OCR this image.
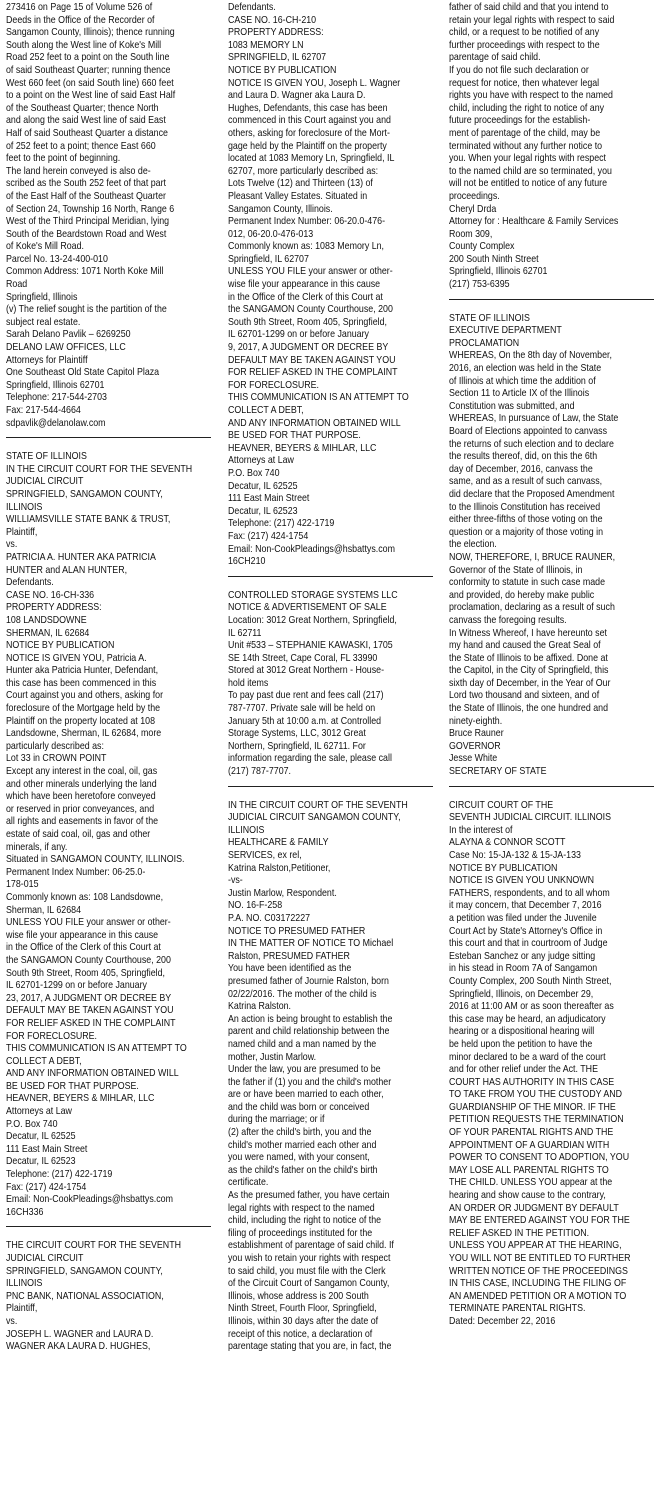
273416 on Page 15 of Volume 526 of
Deeds in the Office of the Recorder of
Sangamon County, Illinois); thence running
South along the West line of Koke's Mill
Road 252 feet to a point on the South line
of said Southeast Quarter; running thence
West 660 feet (on said South line) 660 feet
to a point on the West line of said East Half
of the Southeast Quarter; thence North
and along the said West line of said East
Half of said Southeast Quarter a distance
of 252 feet to a point; thence East 660
feet to the point of beginning.
The land herein conveyed is also de-
scribed as the South 252 feet of that part
of the East Half of the Southeast Quarter
of Section 24, Township 16 North, Range 6
West of the Third Principal Meridian, lying
South of the Beardstown Road and West
of Koke's Mill Road.
Parcel No. 13-24-400-010
Common Address: 1071 North Koke Mill
Road
Springfield, Illinois
(v) The relief sought is the partition of the
subject real estate.
Sarah Delano Pavlik – 6269250
DELANO LAW OFFICES, LLC
Attorneys for Plaintiff
One Southeast Old State Capitol Plaza
Springfield, Illinois 62701
Telephone: 217-544-2703
Fax: 217-544-4664
sdpavlik@delanolaw.com
STATE OF ILLINOIS
IN THE CIRCUIT COURT FOR THE SEVENTH
JUDICIAL CIRCUIT
SPRINGFIELD, SANGAMON COUNTY,
ILLINOIS
WILLIAMSVILLE STATE BANK & TRUST,
Plaintiff,
vs.
PATRICIA A. HUNTER AKA PATRICIA
HUNTER and ALAN HUNTER,
Defendants.
CASE NO. 16-CH-336
PROPERTY ADDRESS:
108 LANDSDOWNE
SHERMAN, IL 62684
NOTICE BY PUBLICATION
NOTICE IS GIVEN YOU, Patricia A.
Hunter aka Patricia Hunter, Defendant,
this case has been commenced in this
Court against you and others, asking for
foreclosure of the Mortgage held by the
Plaintiff on the property located at 108
Landsdowne, Sherman, IL 62684, more
particularly described as:
Lot 33 in CROWN POINT
Except any interest in the coal, oil, gas
and other minerals underlying the land
which have been heretofore conveyed
or reserved in prior conveyances, and
all rights and easements in favor of the
estate of said coal, oil, gas and other
minerals, if any.
Situated in SANGAMON COUNTY, ILLINOIS.
Permanent Index Number: 06-25.0-
178-015
Commonly known as: 108 Landsdowne,
Sherman, IL 62684
UNLESS YOU FILE your answer or other-
wise file your appearance in this cause
in the Office of the Clerk of this Court at
the SANGAMON County Courthouse, 200
South 9th Street, Room 405, Springfield,
IL 62701-1299 on or before January
23, 2017, A JUDGMENT OR DECREE BY
DEFAULT MAY BE TAKEN AGAINST YOU
FOR RELIEF ASKED IN THE COMPLAINT
FOR FORECLOSURE.
THIS COMMUNICATION IS AN ATTEMPT TO
COLLECT A DEBT,
AND ANY INFORMATION OBTAINED WILL
BE USED FOR THAT PURPOSE.
HEAVNER, BEYERS & MIHLAR, LLC
Attorneys at Law
P.O. Box 740
Decatur, IL 62525
111 East Main Street
Decatur, IL 62523
Telephone: (217) 422-1719
Fax: (217) 424-1754
Email: Non-CookPleadings@hsbattys.com
16CH336
THE CIRCUIT COURT FOR THE SEVENTH
JUDICIAL CIRCUIT
SPRINGFIELD, SANGAMON COUNTY,
ILLINOIS
PNC BANK, NATIONAL ASSOCIATION,
Plaintiff,
vs.
JOSEPH L. WAGNER and LAURA D.
WAGNER AKA LAURA D. HUGHES,
Defendants.
CASE NO. 16-CH-210
PROPERTY ADDRESS:
1083 MEMORY LN
SPRINGFIELD, IL 62707
NOTICE BY PUBLICATION
NOTICE IS GIVEN YOU, Joseph L. Wagner
and Laura D. Wagner aka Laura D.
Hughes, Defendants, this case has been
commenced in this Court against you and
others, asking for foreclosure of the Mort-
gage held by the Plaintiff on the property
located at 1083 Memory Ln, Springfield, IL
62707, more particularly described as:
Lots Twelve (12) and Thirteen (13) of
Pleasant Valley Estates. Situated in
Sangamon County, Illinois.
Permanent Index Number: 06-20.0-476-
012, 06-20.0-476-013
Commonly known as: 1083 Memory Ln,
Springfield, IL 62707
UNLESS YOU FILE your answer or other-
wise file your appearance in this cause
in the Office of the Clerk of this Court at
the SANGAMON County Courthouse, 200
South 9th Street, Room 405, Springfield,
IL 62701-1299 on or before January
9, 2017, A JUDGMENT OR DECREE BY
DEFAULT MAY BE TAKEN AGAINST YOU
FOR RELIEF ASKED IN THE COMPLAINT
FOR FORECLOSURE.
THIS COMMUNICATION IS AN ATTEMPT TO
COLLECT A DEBT,
AND ANY INFORMATION OBTAINED WILL
BE USED FOR THAT PURPOSE.
HEAVNER, BEYERS & MIHLAR, LLC
Attorneys at Law
P.O. Box 740
Decatur, IL 62525
111 East Main Street
Decatur, IL 62523
Telephone: (217) 422-1719
Fax: (217) 424-1754
Email: Non-CookPleadings@hsbattys.com
16CH210
CONTROLLED STORAGE SYSTEMS LLC
NOTICE & ADVERTISEMENT OF SALE
Location: 3012 Great Northern, Springfield,
IL 62711
Unit #533 – STEPHANIE KAWASKI, 1705
SE 14th Street, Cape Coral, FL 33990
Stored at 3012 Great Northern - House-
hold items
To pay past due rent and fees call (217)
787-7707. Private sale will be held on
January 5th at 10:00 a.m. at Controlled
Storage Systems, LLC, 3012 Great
Northern, Springfield, IL 62711. For
information regarding the sale, please call
(217) 787-7707.
IN THE CIRCUIT COURT OF THE SEVENTH
JUDICIAL CIRCUIT SANGAMON COUNTY,
ILLINOIS
HEALTHCARE & FAMILY
SERVICES, ex rel,
Katrina Ralston,Petitioner,
-vs-
Justin Marlow, Respondent.
NO. 16-F-258
P.A. NO. C03172227
NOTICE TO PRESUMED FATHER
IN THE MATTER OF NOTICE TO Michael
Ralston, PRESUMED FATHER
You have been identified as the
presumed father of Journie Ralston, born
02/22/2016. The mother of the child is
Katrina Ralston.
An action is being brought to establish the
parent and child relationship between the
named child and a man named by the
mother, Justin Marlow.
Under the law, you are presumed to be
the father if (1) you and the child's mother
are or have been married to each other,
and the child was born or conceived
during the marriage; or if
(2) after the child's birth, you and the
child's mother married each other and
you were named, with your consent,
as the child's father on the child's birth
certificate.
As the presumed father, you have certain
legal rights with respect to the named
child, including the right to notice of the
filing of proceedings instituted for the
establishment of parentage of said child. If
you wish to retain your rights with respect
to said child, you must file with the Clerk
of the Circuit Court of Sangamon County,
Illinois, whose address is 200 South
Ninth Street, Fourth Floor, Springfield,
Illinois, within 30 days after the date of
receipt of this notice, a declaration of
parentage stating that you are, in fact, the
father of said child and that you intend to
retain your legal rights with respect to said
child, or a request to be notified of any
further proceedings with respect to the
parentage of said child.
If you do not file such declaration or
request for notice, then whatever legal
rights you have with respect to the named
child, including the right to notice of any
future proceedings for the establish-
ment of parentage of the child, may be
terminated without any further notice to
you. When your legal rights with respect
to the named child are so terminated, you
will not be entitled to notice of any future
proceedings.
Cheryl Drda
Attorney for : Healthcare & Family Services
Room 309,
County Complex
200 South Ninth Street
Springfield, Illinois 62701
(217) 753-6395
STATE OF ILLINOIS
EXECUTIVE DEPARTMENT
PROCLAMATION
WHEREAS, On the 8th day of November,
2016, an election was held in the State
of Illinois at which time the addition of
Section 11 to Article IX of the Illinois
Constitution was submitted, and
WHEREAS, In pursuance of Law, the State
Board of Elections appointed to canvass
the returns of such election and to declare
the results thereof, did, on this the 6th
day of December, 2016, canvass the
same, and as a result of such canvass,
did declare that the Proposed Amendment
to the Illinois Constitution has received
either three-fifths of those voting on the
question or a majority of those voting in
the election.
NOW, THEREFORE, I, BRUCE RAUNER,
Governor of the State of Illinois, in
conformity to statute in such case made
and provided, do hereby make public
proclamation, declaring as a result of such
canvass the foregoing results.
In Witness Whereof, I have hereunto set
my hand and caused the Great Seal of
the State of Illinois to be affixed. Done at
the Capitol, in the City of Springfield, this
sixth day of December, in the Year of Our
Lord two thousand and sixteen, and of
the State of Illinois, the one hundred and
ninety-eighth.
Bruce Rauner
GOVERNOR
Jesse White
SECRETARY OF STATE
CIRCUIT COURT OF THE
SEVENTH JUDICIAL CIRCUIT. ILLINOIS
In the interest of
ALAYNA & CONNOR SCOTT
Case No: 15-JA-132 & 15-JA-133
NOTICE BY PUBLICATION
NOTICE IS GIVEN YOU UNKNOWN
FATHERS, respondents, and to all whom
it may concern, that December 7, 2016
a petition was filed under the Juvenile
Court Act by State's Attorney's Office in
this court and that in courtroom of Judge
Esteban Sanchez or any judge sitting
in his stead in Room 7A of Sangamon
County Complex, 200 South Ninth Street,
Springfield, Illinois, on December 29,
2016 at 11:00 AM or as soon thereafter as
this case may be heard, an adjudicatory
hearing or a dispositional hearing will
be held upon the petition to have the
minor declared to be a ward of the court
and for other relief under the Act. THE
COURT HAS AUTHORITY IN THIS CASE
TO TAKE FROM YOU THE CUSTODY AND
GUARDIANSHIP OF THE MINOR. IF THE
PETITION REQUESTS THE TERMINATION
OF YOUR PARENTAL RIGHTS AND THE
APPOINTMENT OF A GUARDIAN WITH
POWER TO CONSENT TO ADOPTION, YOU
MAY LOSE ALL PARENTAL RIGHTS TO
THE CHILD. UNLESS YOU appear at the
hearing and show cause to the contrary,
AN ORDER OR JUDGMENT BY DEFAULT
MAY BE ENTERED AGAINST YOU FOR THE
RELIEF ASKED IN THE PETITION.
UNLESS YOU APPEAR AT THE HEARING,
YOU WILL NOT BE ENTITLED TO FURTHER
WRITTEN NOTICE OF THE PROCEEDINGS
IN THIS CASE, INCLUDING THE FILING OF
AN AMENDED PETITION OR A MOTION TO
TERMINATE PARENTAL RIGHTS.
Dated: December 22, 2016
